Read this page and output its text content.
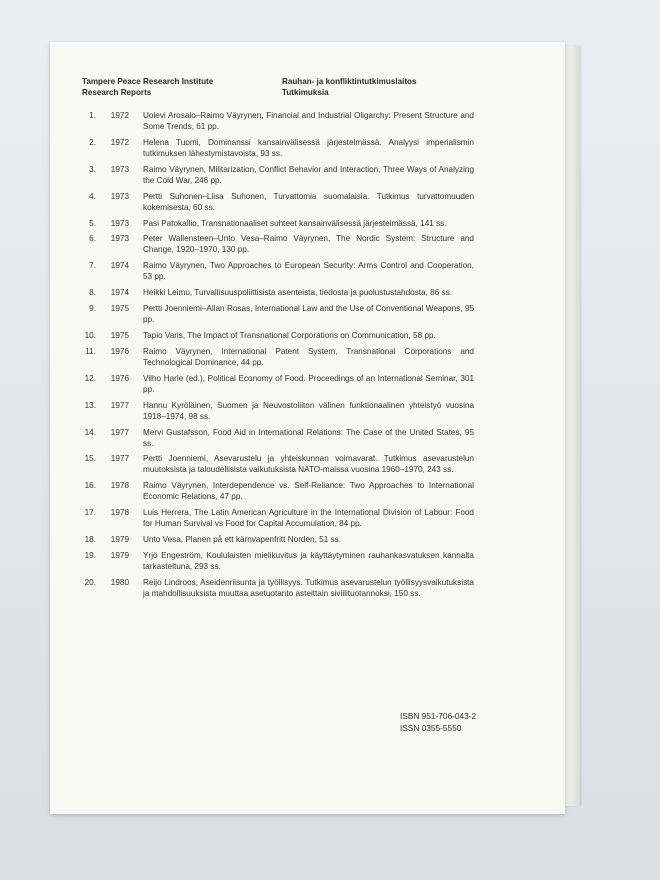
Tampere Peace Research Institute
Research Reports
Rauhan- ja konfliktintutkimuslaitos
Tutkimuksia
1.	1972 Uolevi Arosalo–Raimo Väyrynen, Financial and Industrial Oligarchy: Present Structure and Some Trends, 61 pp.
2.	1972 Helena Tuomi, Dominanssi kansainvälisessä järjestelmässä. Analyysi imperialismin tutkimuksen lähestymistavoista, 93 ss.
3.	1973 Raimo Väyrynen, Militarization, Conflict Behavior and Interaction, Three Ways of Analyzing the Cold War, 246 pp.
4.	1973 Pertti Suhonen–Liisa Suhonen, Turvattomia suomalaisia. Tutkimus turvattomuuden kokemisesta, 60 ss.
5.	1973 Pasi Patokallio, Transnationaaliset suhteet kansainvälisessä järjestelmässä, 141 ss.
6.	1973 Peter Wallensteen–Unto Vesa–Raimo Väyrynen, The Nordic System: Structure and Change, 1920–1970, 130 pp.
7.	1974 Raimo Väyrynen, Two Approaches to European Security: Arms Control and Cooperation, 53 pp.
8.	1974 Heikki Leimu, Turvallisuuspoliittisista asenteista, tiedosta ja puolustustahdosta, 86 ss.
9.	1975 Pertti Joenniemi–Allan Rosas, International Law and the Use of Conventional Weapons, 95 pp.
10.	1975 Tapio Varis, The Impact of Transnational Corporations on Communication, 58 pp.
11.	1976 Raimo Väyrynen, International Patent System, Transnational Corporations and Technological Dominance, 44 pp.
12.	1976 Vilho Harle (ed.), Political Economy of Food. Proceedings of an International Seminar, 301 pp.
13.	1977 Hannu Kyröläinen, Suomen ja Neuvostoliiton välinen funktionaalinen yhteistyö vuosina 1918–1974, 98 ss.
14.	1977 Mervi Gustafsson, Food Aid in International Relations: The Case of the United States, 95 ss.
15.	1977 Pertti Joenniemi, Asevarustelu ja yhteiskunnan voimavarat. Tutkimus asevarustelun muutoksista ja taloudellisista vaikutuksista NATO-maissa vuosina 1960–1970, 243 ss.
16.	1978 Raimo Väyrynen, Interdependence vs. Self-Reliance: Two Approaches to International Economic Relations, 47 pp.
17.	1978 Luis Herrera, The Latin American Agriculture in the International Division of Labour: Food for Human Survival vs Food for Capital Accumulation, 84 pp.
18.	1979 Unto Vesa, Planen på ett kärnvapenfritt Norden, 51 ss.
19.	1979 Yrjö Engeström, Koululaisten mielikuvitus ja käyttäytyminen rauhankasvatuksen kannalta tarkasteltuna, 293 ss.
20.	1980 Reijo Lindroos, Aseidenriisunta ja työllisyys. Tutkimus asevarustelun työllisyysvaikutuksista ja mahdollisuuksista muuttaa asetuotanto asteittain siviilituotannoksi, 150 ss.
ISBN 951-706-043-2
ISSN 0355-5550
